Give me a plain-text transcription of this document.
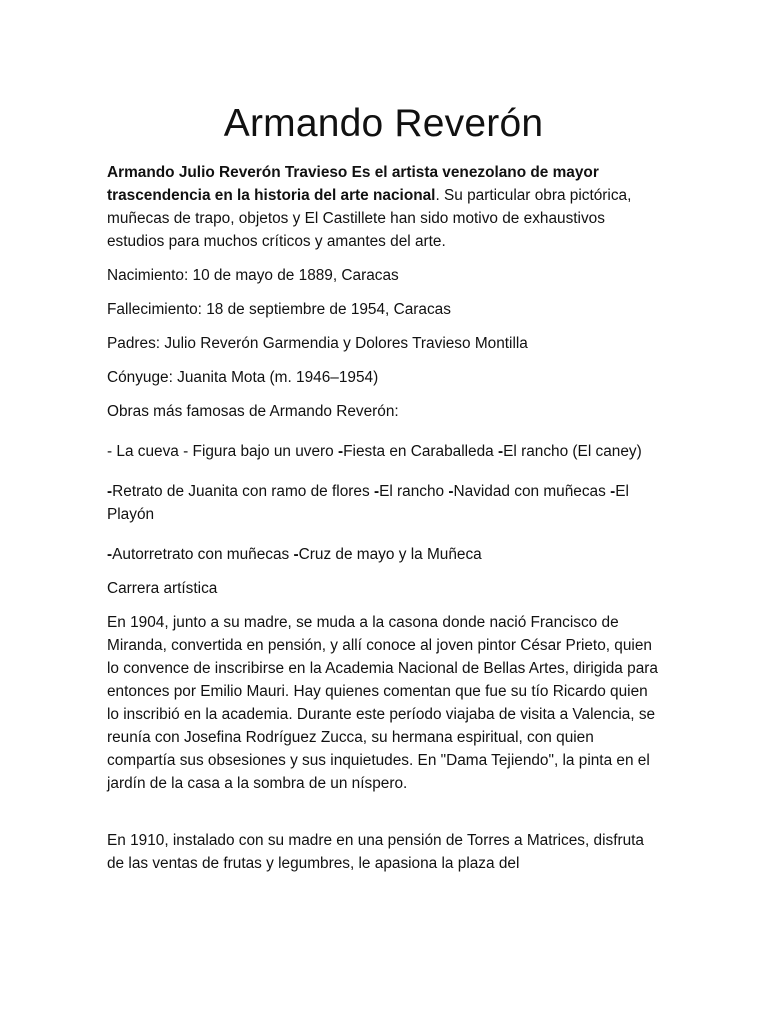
Armando Reverón

Armando Julio Reverón Travieso Es el artista venezolano de mayor trascendencia en la historia del arte nacional. Su particular obra pictórica, muñecas de trapo, objetos y El Castillete han sido motivo de exhaustivos estudios para muchos críticos y amantes del arte.

Nacimiento: 10 de mayo de 1889, Caracas

Fallecimiento: 18 de septiembre de 1954, Caracas

Padres: Julio Reverón Garmendia y Dolores Travieso Montilla

Cónyuge: Juanita Mota (m. 1946–1954)

Obras más famosas de Armando Reverón:

- La cueva - Figura bajo un uvero -Fiesta en Caraballeda -El rancho (El caney)

-Retrato de Juanita con ramo de flores -El rancho -Navidad con muñecas -El Playón

-Autorretrato con muñecas -Cruz de mayo y la Muñeca

Carrera artística

En 1904, junto a su madre, se muda a la casona donde nació Francisco de Miranda, convertida en pensión, y allí conoce al joven pintor César Prieto, quien lo convence de inscribirse en la Academia Nacional de Bellas Artes, dirigida para entonces por Emilio Mauri. Hay quienes comentan que fue su tío Ricardo quien lo inscribió en la academia. Durante este período viajaba de visita a Valencia, se reunía con Josefina Rodríguez Zucca, su hermana espiritual, con quien compartía sus obsesiones y sus inquietudes. En "Dama Tejiendo", la pinta en el jardín de la casa a la sombra de un níspero.

En 1910, instalado con su madre en una pensión de Torres a Matrices, disfruta de las ventas de frutas y legumbres, le apasiona la plaza del
